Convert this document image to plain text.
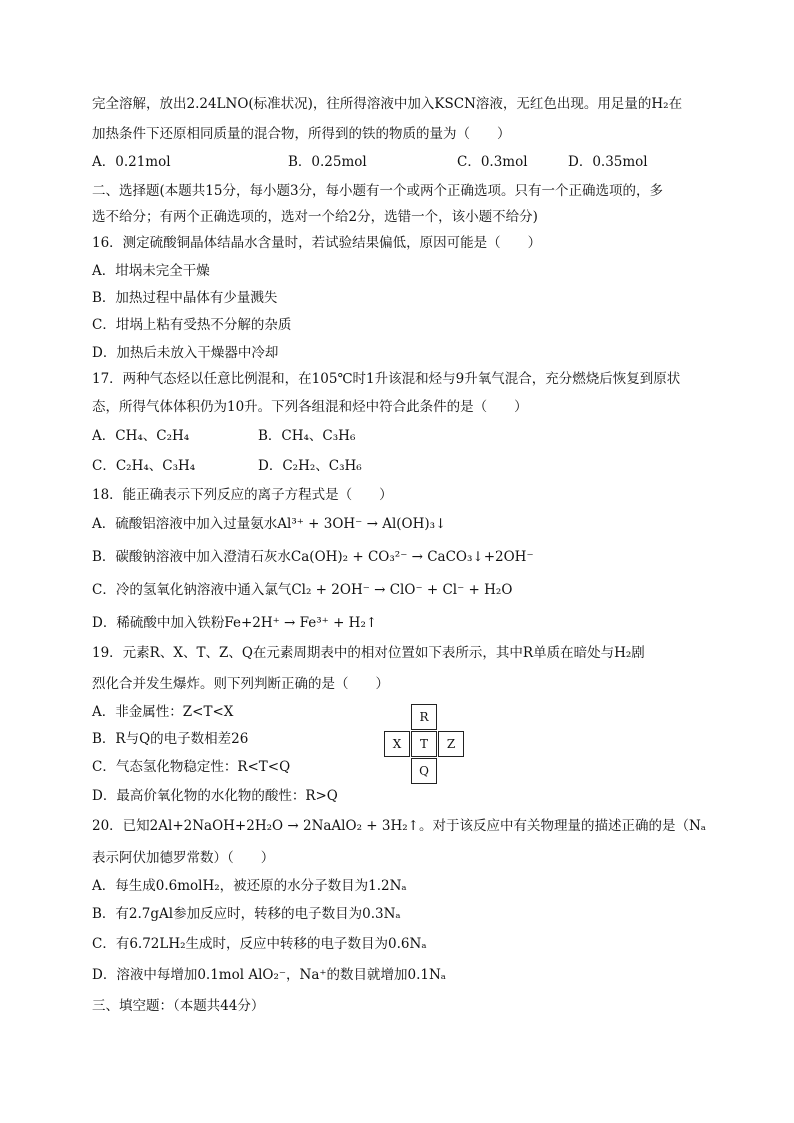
完全溶解，放出2.24LNO(标准状况)，往所得溶液中加入KSCN溶液，无红色出现。用足量的H₂在
加热条件下还原相同质量的混合物，所得到的铁的物质的量为（　　）
A．0.21mol	B．0.25mol	C．0.3mol	D．0.35mol
二、选择题(本题共15分，每小题3分，每小题有一个或两个正确选项。只有一个正确选项的，多
选不给分；有两个正确选项的，选对一个给2分，选错一个，该小题不给分)
16．测定硫酸铜晶体结晶水含量时，若试验结果偏低，原因可能是（　　）
A．坩埚未完全干燥
B．加热过程中晶体有少量溅失
C．坩埚上粘有受热不分解的杂质
D．加热后未放入干燥器中冷却
17．两种气态烃以任意比例混和，在105℃时1升该混和烃与9升氧气混合，充分燃烧后恢复到原状
态，所得气体体积仍为10升。下列各组混和烃中符合此条件的是（　　）
A．CH₄、C₂H₄	B．CH₄、C₃H₆
C．C₂H₄、C₃H₄	D．C₂H₂、C₃H₆
18．能正确表示下列反应的离子方程式是（　　）
A．硫酸铝溶液中加入过量氨水Al³⁺ + 3OH⁻ → Al(OH)₃↓
B．碳酸钠溶液中加入澄清石灰水Ca(OH)₂ + CO₃²⁻ → CaCO₃↓+2OH⁻
C．冷的氢氧化钠溶液中通入氯气Cl₂ + 2OH⁻ → ClO⁻ + Cl⁻ + H₂O
D．稀硫酸中加入铁粉Fe+2H⁺ → Fe³⁺ + H₂↑
19．元素R、X、T、Z、Q在元素周期表中的相对位置如下表所示，其中R单质在暗处与H₂剧
烈化合并发生爆炸。则下列判断正确的是（　　）
A．非金属性：Z<T<X
B．R与Q的电子数相差26
C．气态氢化物稳定性：R<T<Q
D．最高价氧化物的水化物的酸性：R>Q
R
X	T	Z
Q
20．已知2Al+2NaOH+2H₂O → 2NaAlO₂ + 3H₂↑。对于该反应中有关物理量的描述正确的是（Nₐ
表示阿伏加德罗常数）（　　）
A．每生成0.6molH₂，被还原的水分子数目为1.2Nₐ
B．有2.7gAl参加反应时，转移的电子数目为0.3Nₐ
C．有6.72LH₂生成时，反应中转移的电子数目为0.6Nₐ
D．溶液中每增加0.1mol AlO₂⁻，Na⁺的数目就增加0.1Nₐ
三、填空题：（本题共44分）
